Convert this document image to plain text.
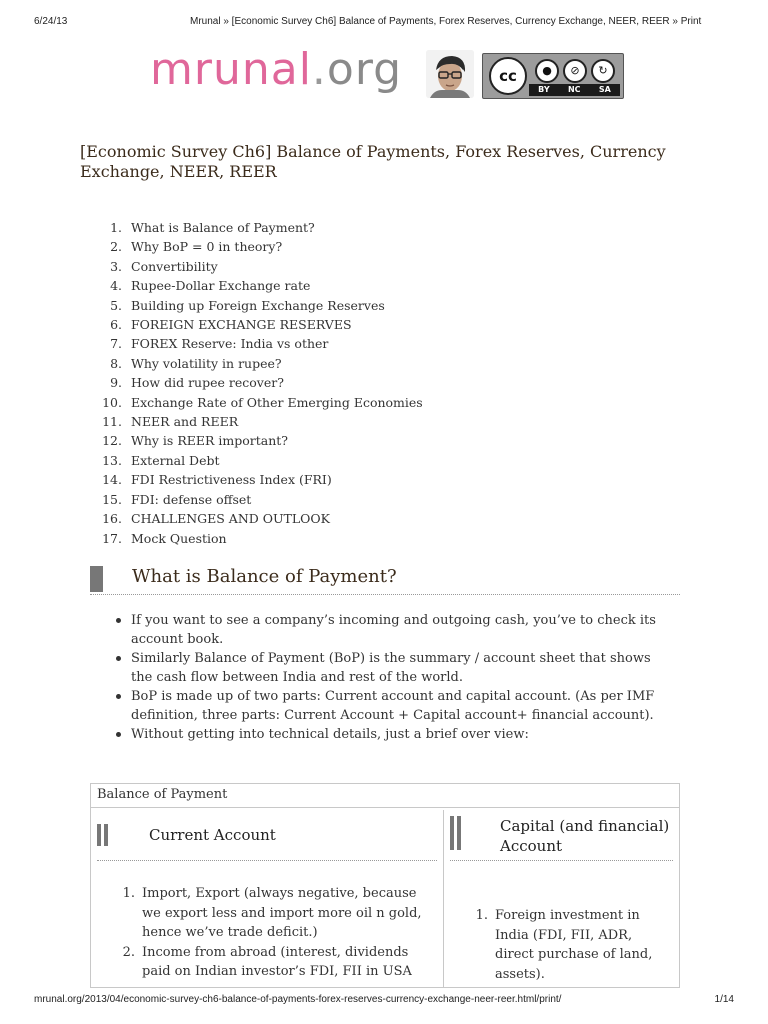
6/24/13	Mrunal » [Economic Survey Ch6] Balance of Payments, Forex Reserves, Currency Exchange, NEER, REER » Print
mrunal.org	cc	●	⊘	↻
BY NC SA
[Economic Survey Ch6] Balance of Payments, Forex Reserves, Currency Exchange, NEER, REER
1. What is Balance of Payment?
2. Why BoP = 0 in theory?
3. Convertibility
4. Rupee-Dollar Exchange rate
5. Building up Foreign Exchange Reserves
6. FOREIGN EXCHANGE RESERVES
7. FOREX Reserve: India vs other
8. Why volatility in rupee?
9. How did rupee recover?
10. Exchange Rate of Other Emerging Economies
11. NEER and REER
12. Why is REER important?
13. External Debt
14. FDI Restrictiveness Index (FRI)
15. FDI: defense offset
16. CHALLENGES AND OUTLOOK
17. Mock Question
What is Balance of Payment?
If you want to see a company’s incoming and outgoing cash, you’ve to check its account book.
Similarly Balance of Payment (BoP) is the summary / account sheet that shows the cash flow between India and rest of the world.
BoP is made up of two parts: Current account and capital account. (As per IMF definition, three parts: Current Account + Capital account+ financial account).
Without getting into technical details, just a brief over view:
Balance of Payment
Current Account
1. Import, Export (always negative, because we export less and import more oil n gold, hence we’ve trade deficit.)
2. Income from abroad (interest, dividends paid on Indian investor’s FDI, FII in USA
Capital (and financial) Account
1. Foreign investment in India (FDI, FII, ADR, direct purchase of land, assets).
mrunal.org/2013/04/economic-survey-ch6-balance-of-payments-forex-reserves-currency-exchange-neer-reer.html/print/	1/14
